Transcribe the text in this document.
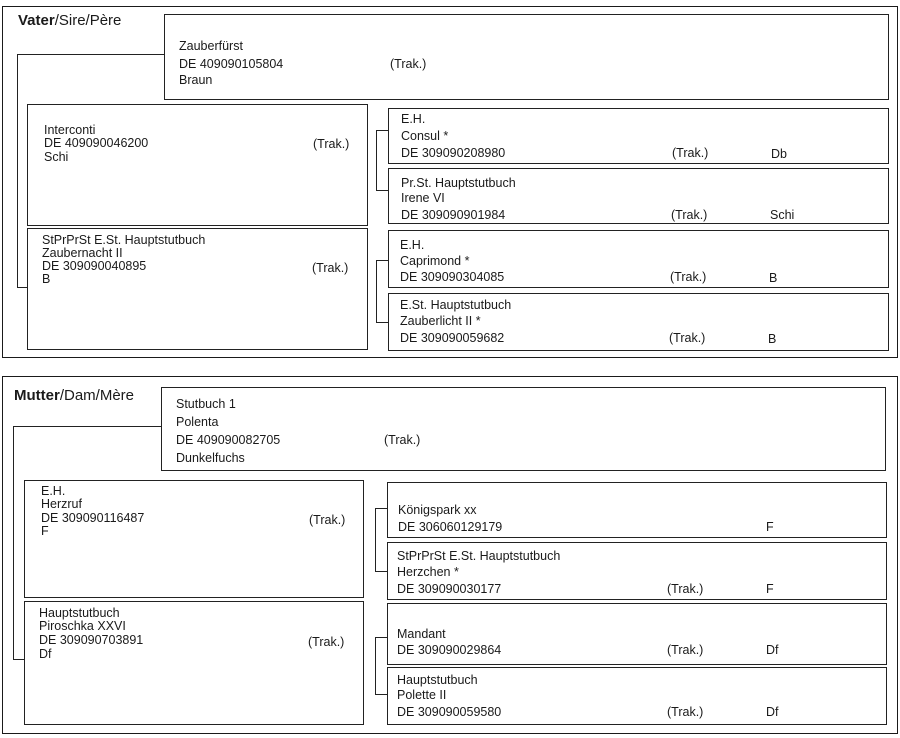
Vater/Sire/Père
Zauberfürst
DE 409090105804	(Trak.)
Braun
Interconti
DE 409090046200	(Trak.)
Schi
StPrPrSt E.St. Hauptstutbuch
Zaubernacht II
DE 309090040895	(Trak.)
B
E.H.
Consul *
DE 309090208980	(Trak.)	Db
Pr.St. Hauptstutbuch
Irene VI
DE 309090901984	(Trak.)	Schi
E.H.
Caprimond *
DE 309090304085	(Trak.)	B
E.St. Hauptstutbuch
Zauberlicht II *
DE 309090059682	(Trak.)	B
Mutter/Dam/Mère	Stutbuch 1
Polenta
DE 409090082705	(Trak.)
Dunkelfuchs
E.H.
Herzruf
DE 309090116487	(Trak.)
F
Hauptstutbuch
Piroschka XXVI
DE 309090703891	(Trak.)
Df
Königspark xx
DE 306060129179	F
StPrPrSt E.St. Hauptstutbuch
Herzchen *
DE 309090030177	(Trak.)	F
Mandant
DE 309090029864	(Trak.)	Df
Hauptstutbuch
Polette II
DE 309090059580	(Trak.)	Df
